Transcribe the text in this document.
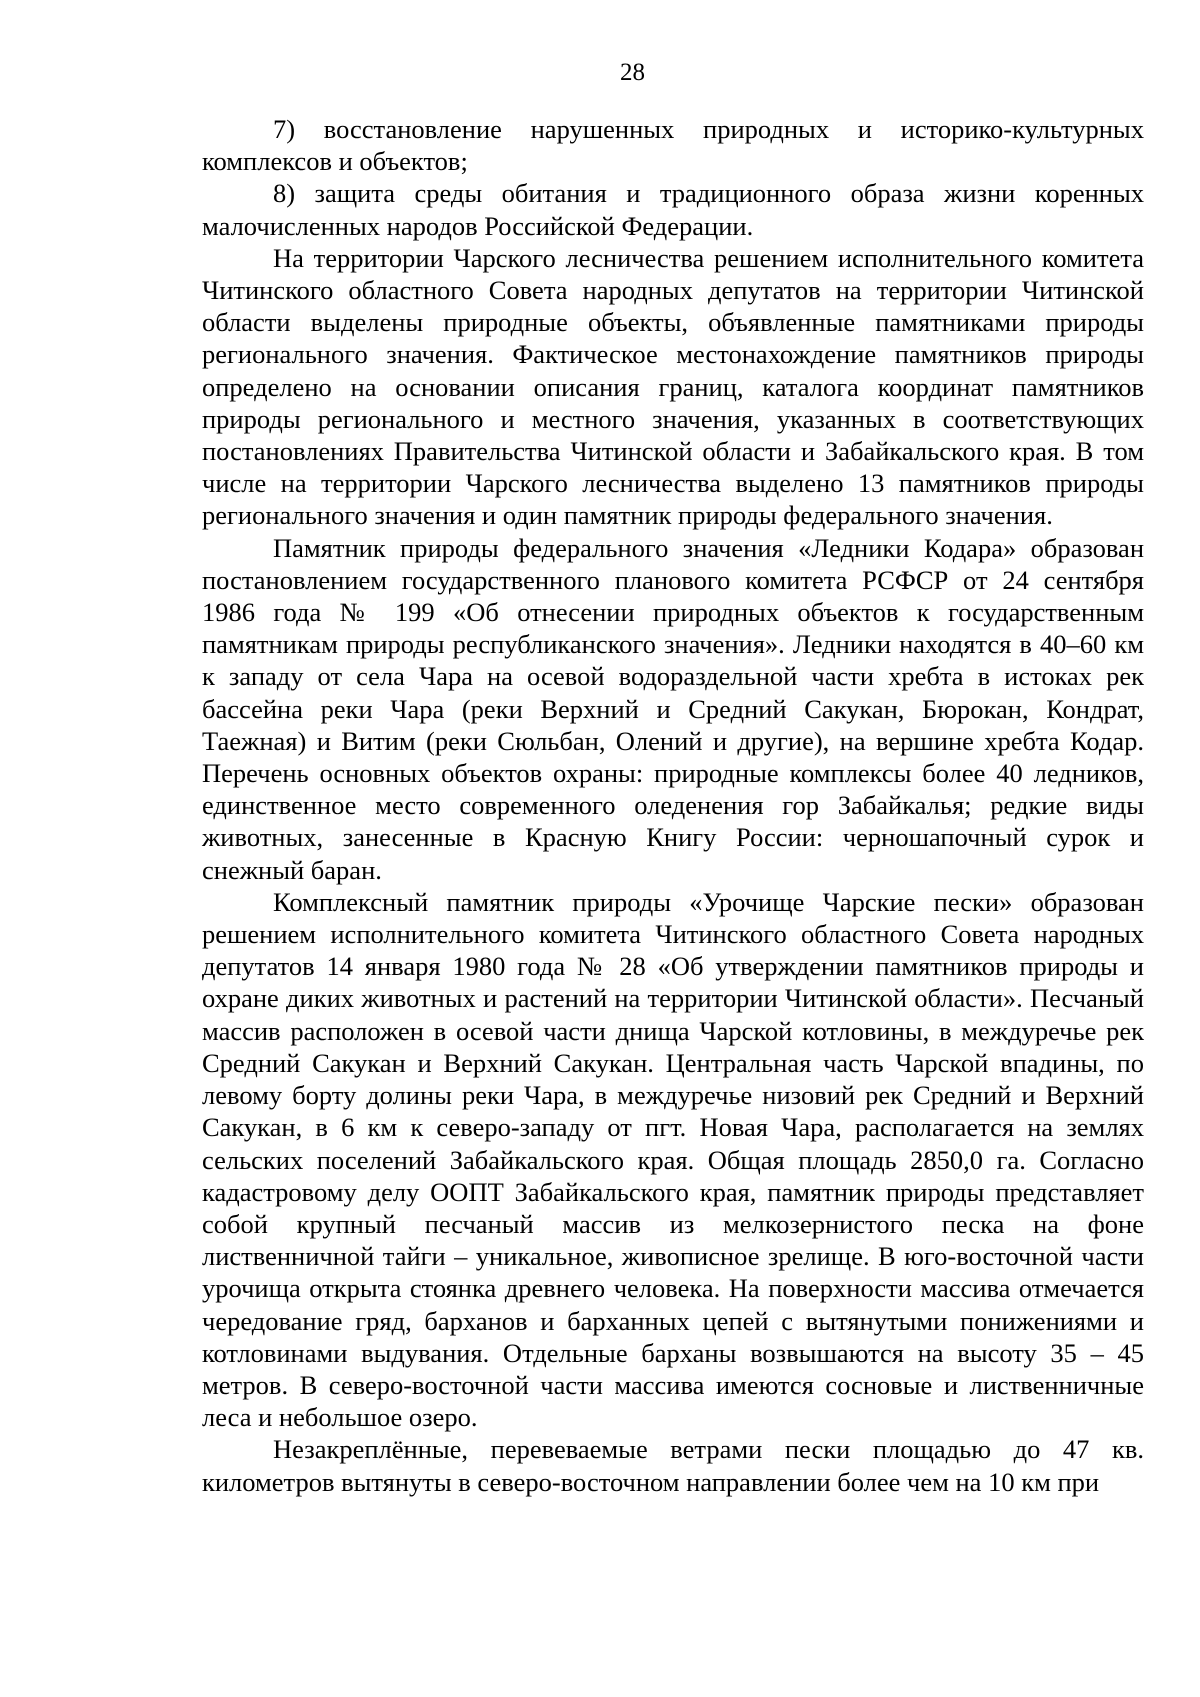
28

7) восстановление нарушенных природных и историко-культурных комплексов и объектов;

8) защита среды обитания и традиционного образа жизни коренных малочисленных народов Российской Федерации.

На территории Чарского лесничества решением исполнительного комитета Читинского областного Совета народных депутатов на территории Читинской области выделены природные объекты, объявленные памятниками природы регионального значения. Фактическое местонахождение памятников природы определено на основании описания границ, каталога координат памятников природы регионального и местного значения, указанных в соответствующих постановлениях Правительства Читинской области и Забайкальского края. В том числе на территории Чарского лесничества выделено 13 памятников природы регионального значения и один памятник природы федерального значения.

Памятник природы федерального значения «Ледники Кодара» образован постановлением государственного планового комитета РСФСР от 24 сентября 1986 года № 199 «Об отнесении природных объектов к государственным памятникам природы республиканского значения». Ледники находятся в 40–60 км к западу от села Чара на осевой водораздельной части хребта в истоках рек бассейна реки Чара (реки Верхний и Средний Сакукан, Бюрокан, Кондрат, Таежная) и Витим (реки Сюльбан, Олений и другие), на вершине хребта Кодар. Перечень основных объектов охраны: природные комплексы более 40 ледников, единственное место современного оледенения гор Забайкалья; редкие виды животных, занесенные в Красную Книгу России: черношапочный сурок и снежный баран.

Комплексный памятник природы «Урочище Чарские пески» образован решением исполнительного комитета Читинского областного Совета народных депутатов 14 января 1980 года № 28 «Об утверждении памятников природы и охране диких животных и растений на территории Читинской области». Песчаный массив расположен в осевой части днища Чарской котловины, в междуречье рек Средний Сакукан и Верхний Сакукан. Центральная часть Чарской впадины, по левому борту долины реки Чара, в междуречье низовий рек Средний и Верхний Сакукан, в 6 км к северо-западу от пгт. Новая Чара, располагается на землях сельских поселений Забайкальского края. Общая площадь 2850,0 га. Согласно кадастровому делу ООПТ Забайкальского края, памятник природы представляет собой крупный песчаный массив из мелкозернистого песка на фоне лиственничной тайги – уникальное, живописное зрелище. В юго-восточной части урочища открыта стоянка древнего человека. На поверхности массива отмечается чередование гряд, барханов и барханных цепей с вытянутыми понижениями и котловинами выдувания. Отдельные барханы возвышаются на высоту 35 – 45 метров. В северо-восточной части массива имеются сосновые и лиственничные леса и небольшое озеро.

Незакреплённые, перевеваемые ветрами пески площадью до 47 кв. километров вытянуты в северо-восточном направлении более чем на 10 км при
